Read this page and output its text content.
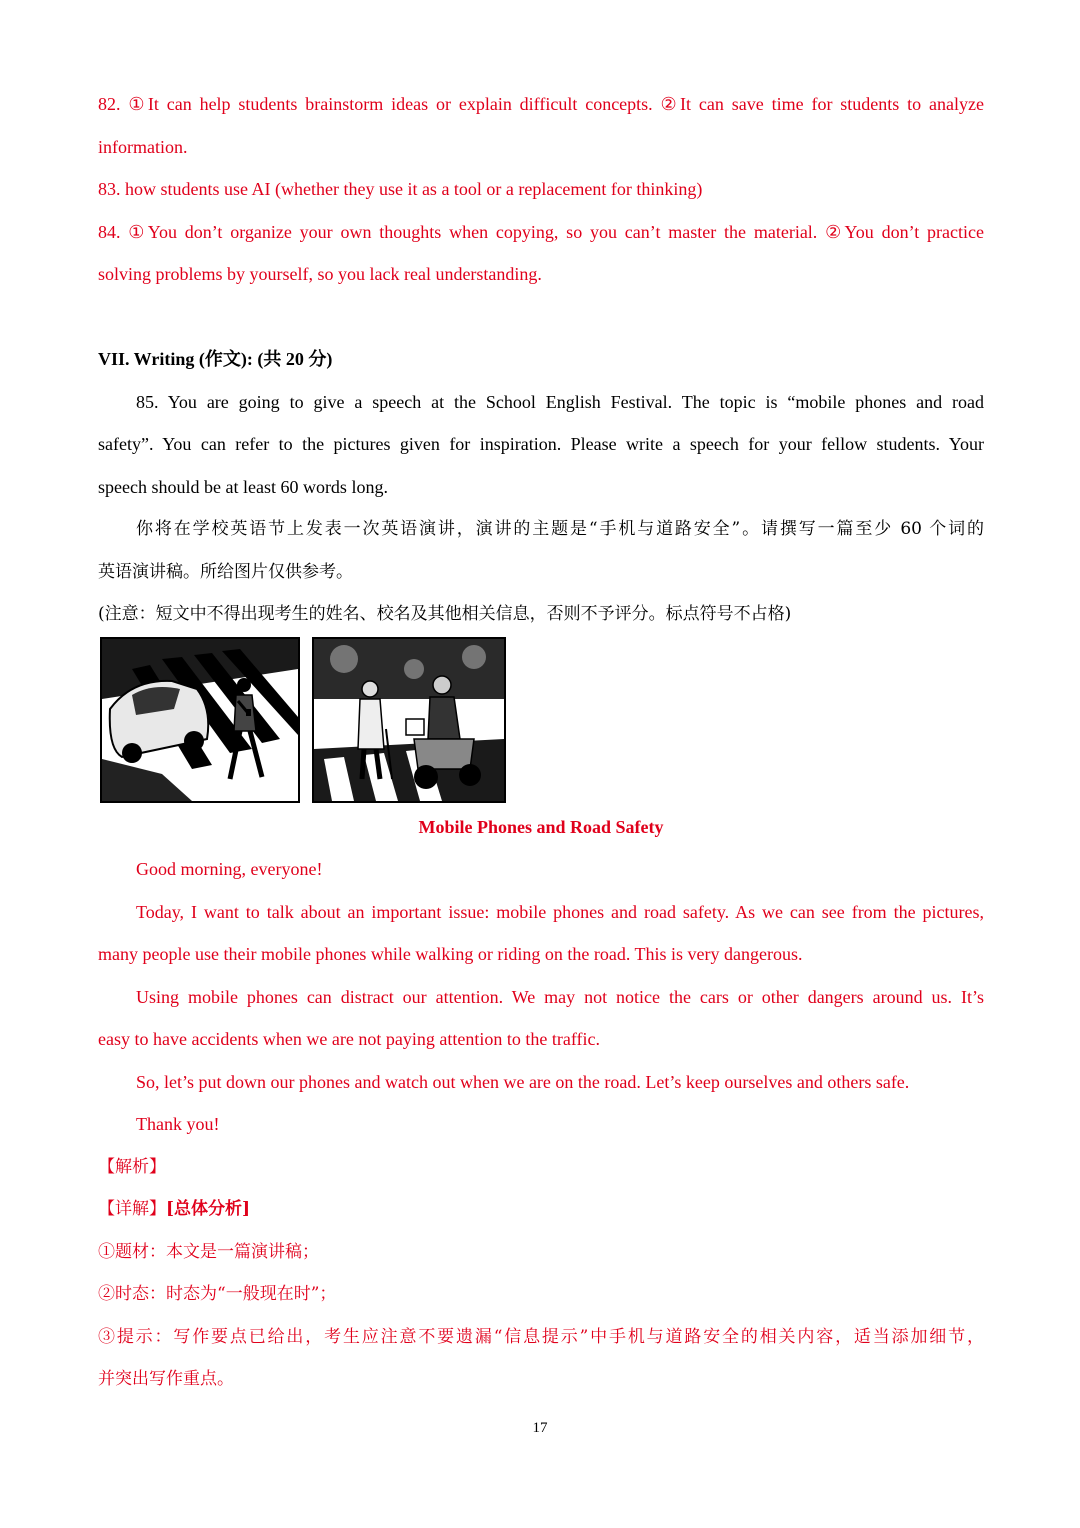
82. ①It can help students brainstorm ideas or explain difficult concepts. ②It can save time for students to analyze
information.
83. how students use AI (whether they use it as a tool or a replacement for thinking)
84. ①You don’t organize your own thoughts when copying, so you can’t master the material. ②You don’t practice
solving problems by yourself, so you lack real understanding.
VII. Writing (作文): (共 20 分)
85. You are going to give a speech at the School English Festival. The topic is “mobile phones and road
safety”. You can refer to the pictures given for inspiration. Please write a speech for your fellow students. Your
speech should be at least 60 words long.
你将在学校英语节上发表一次英语演讲，演讲的主题是“手机与道路安全”。请撰写一篇至少 60 个词的
英语演讲稿。所给图片仅供参考。
(注意：短文中不得出现考生的姓名、校名及其他相关信息，否则不予评分。标点符号不占格)
Mobile Phones and Road Safety
Good morning, everyone!
Today, I want to talk about an important issue: mobile phones and road safety. As we can see from the pictures,
many people use their mobile phones while walking or riding on the road. This is very dangerous.
Using mobile phones can distract our attention. We may not notice the cars or other dangers around us. It’s
easy to have accidents when we are not paying attention to the traffic.
So, let’s put down our phones and watch out when we are on the road. Let’s keep ourselves and others safe.
Thank you!
【解析】
【详解】[总体分析]
①题材：本文是一篇演讲稿；
②时态：时态为“一般现在时”；
③提示：写作要点已给出，考生应注意不要遗漏“信息提示”中手机与道路安全的相关内容，适当添加细节，
并突出写作重点。
17
